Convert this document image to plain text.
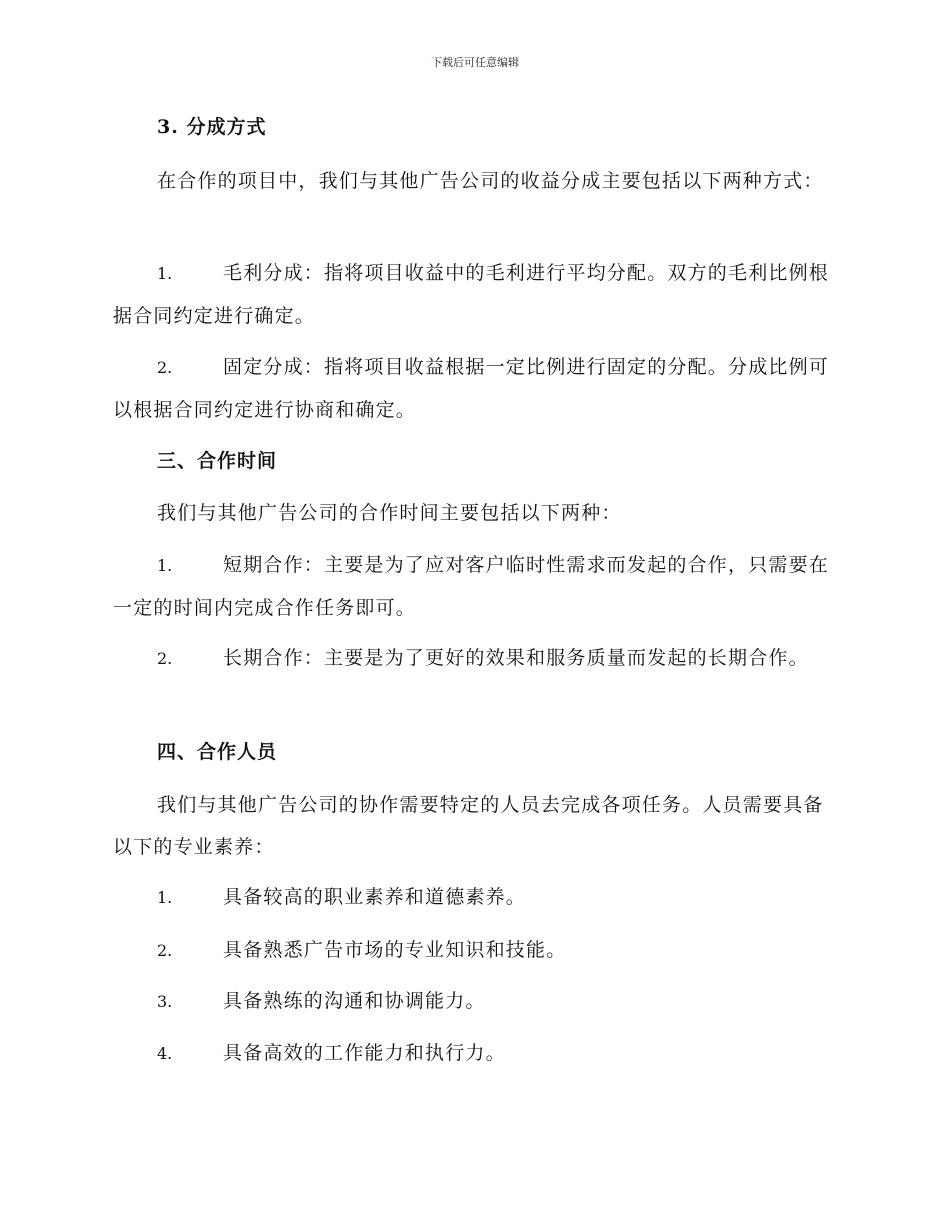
下载后可任意编辑
3. 分成方式
在合作的项目中，我们与其他广告公司的收益分成主要包括以下两种方式：
1.	毛利分成：指将项目收益中的毛利进行平均分配。双方的毛利比例根据合同约定进行确定。
2.	固定分成：指将项目收益根据一定比例进行固定的分配。分成比例可以根据合同约定进行协商和确定。
三、合作时间
我们与其他广告公司的合作时间主要包括以下两种：
1.	短期合作：主要是为了应对客户临时性需求而发起的合作，只需要在一定的时间内完成合作任务即可。
2.	长期合作：主要是为了更好的效果和服务质量而发起的长期合作。
四、合作人员
我们与其他广告公司的协作需要特定的人员去完成各项任务。人员需要具备以下的专业素养：
1.	具备较高的职业素养和道德素养。
2.	具备熟悉广告市场的专业知识和技能。
3.	具备熟练的沟通和协调能力。
4.	具备高效的工作能力和执行力。
